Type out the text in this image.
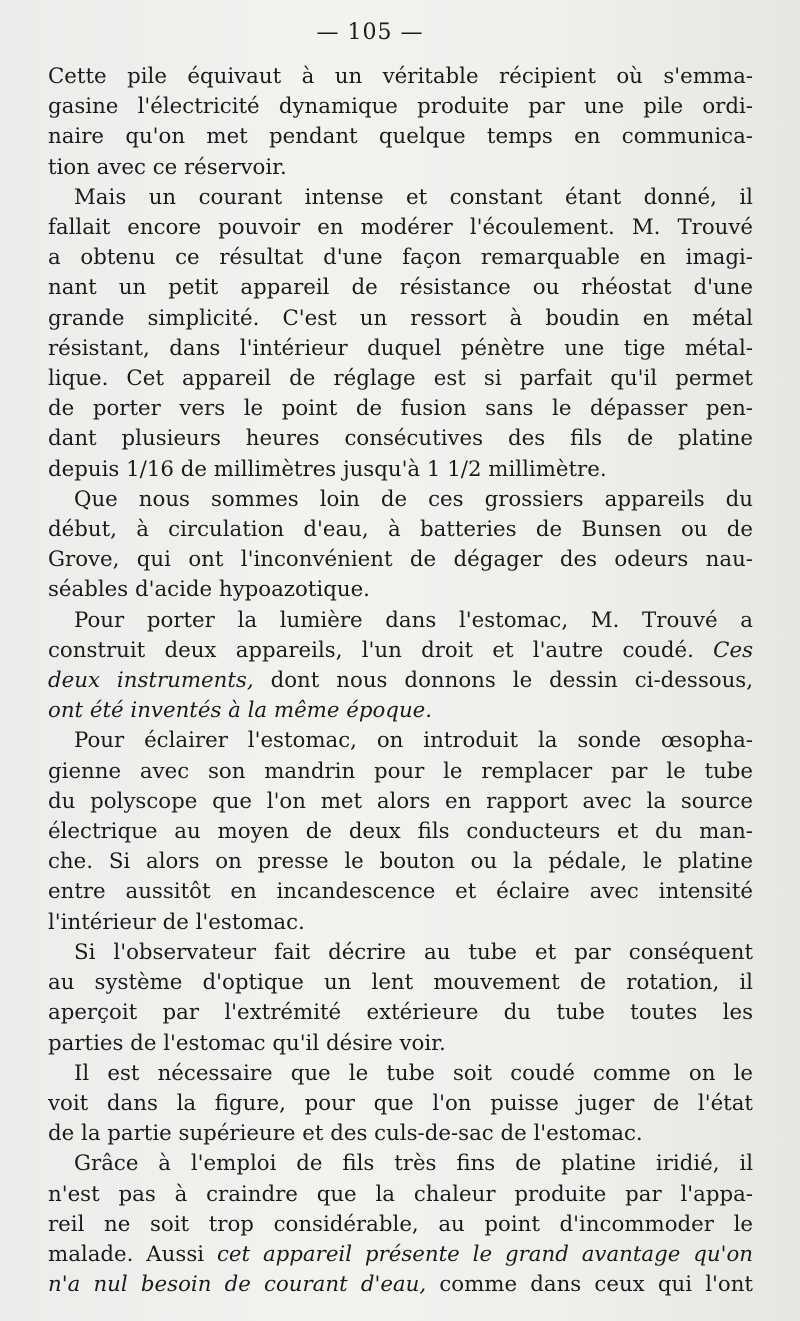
— 105 —
Cette pile équivaut à un véritable récipient où s'emma-
gasine l'électricité dynamique produite par une pile ordi-
naire qu'on met pendant quelque temps en communica-
tion avec ce réservoir.
Mais un courant intense et constant étant donné, il
fallait encore pouvoir en modérer l'écoulement. M. Trouvé
a obtenu ce résultat d'une façon remarquable en imagi-
nant un petit appareil de résistance ou rhéostat d'une
grande simplicité. C'est un ressort à boudin en métal
résistant, dans l'intérieur duquel pénètre une tige métal-
lique. Cet appareil de réglage est si parfait qu'il permet
de porter vers le point de fusion sans le dépasser pen-
dant plusieurs heures consécutives des fils de platine
depuis 1/16 de millimètres jusqu'à 1 1/2 millimètre.
Que nous sommes loin de ces grossiers appareils du
début, à circulation d'eau, à batteries de Bunsen ou de
Grove, qui ont l'inconvénient de dégager des odeurs nau-
séables d'acide hypoazotique.
Pour porter la lumière dans l'estomac, M. Trouvé a
construit deux appareils, l'un droit et l'autre coudé. Ces
deux instruments, dont nous donnons le dessin ci-dessous,
ont été inventés à la même époque.
Pour éclairer l'estomac, on introduit la sonde œsopha-
gienne avec son mandrin pour le remplacer par le tube
du polyscope que l'on met alors en rapport avec la source
électrique au moyen de deux fils conducteurs et du man-
che. Si alors on presse le bouton ou la pédale, le platine
entre aussitôt en incandescence et éclaire avec intensité
l'intérieur de l'estomac.
Si l'observateur fait décrire au tube et par conséquent
au système d'optique un lent mouvement de rotation, il
aperçoit par l'extrémité extérieure du tube toutes les
parties de l'estomac qu'il désire voir.
Il est nécessaire que le tube soit coudé comme on le
voit dans la figure, pour que l'on puisse juger de l'état
de la partie supérieure et des culs-de-sac de l'estomac.
Grâce à l'emploi de fils très fins de platine iridié, il
n'est pas à craindre que la chaleur produite par l'appa-
reil ne soit trop considérable, au point d'incommoder le
malade. Aussi cet appareil présente le grand avantage qu'on
n'a nul besoin de courant d'eau, comme dans ceux qui l'ont
